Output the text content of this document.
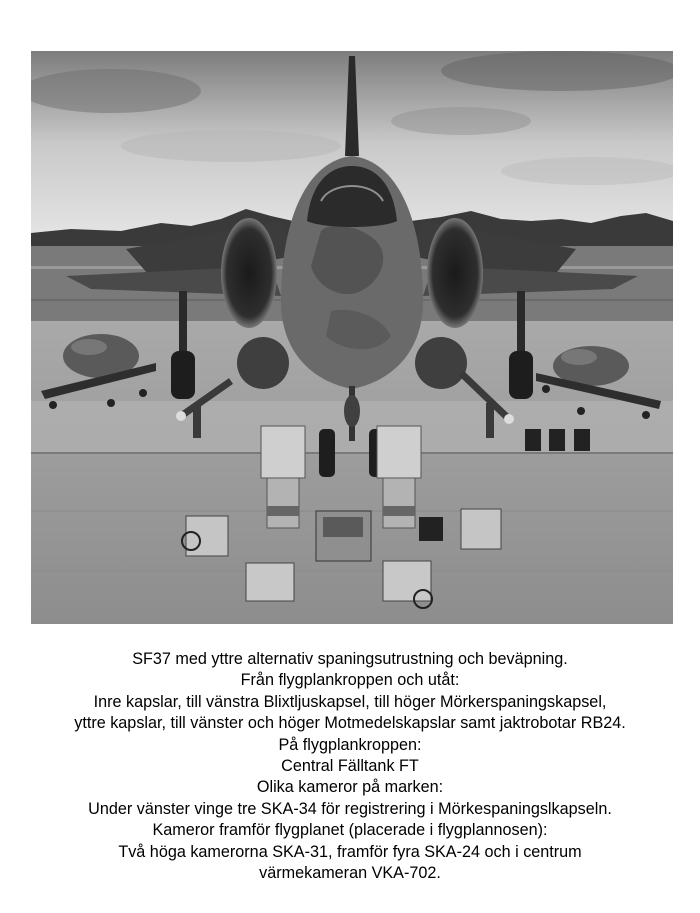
SF37 med yttre alternativ spaningsutrustning och beväpning.

Från flygplankroppen och utåt:

Inre kapslar, till vänstra Blixtljuskapsel, till höger Mörkerspaningskapsel,

yttre kapslar, till vänster och höger Motmedelskapslar samt jaktrobotar RB24.

På flygplankroppen:

Central Fälltank FT

Olika kameror på marken:

Under vänster vinge tre SKA-34 för registrering i Mörkespaningslkapseln.

Kameror framför flygplanet (placerade i flygplannosen):

Två höga kamerorna SKA-31, framför fyra SKA-24 och i centrum

värmekameran VKA-702.
